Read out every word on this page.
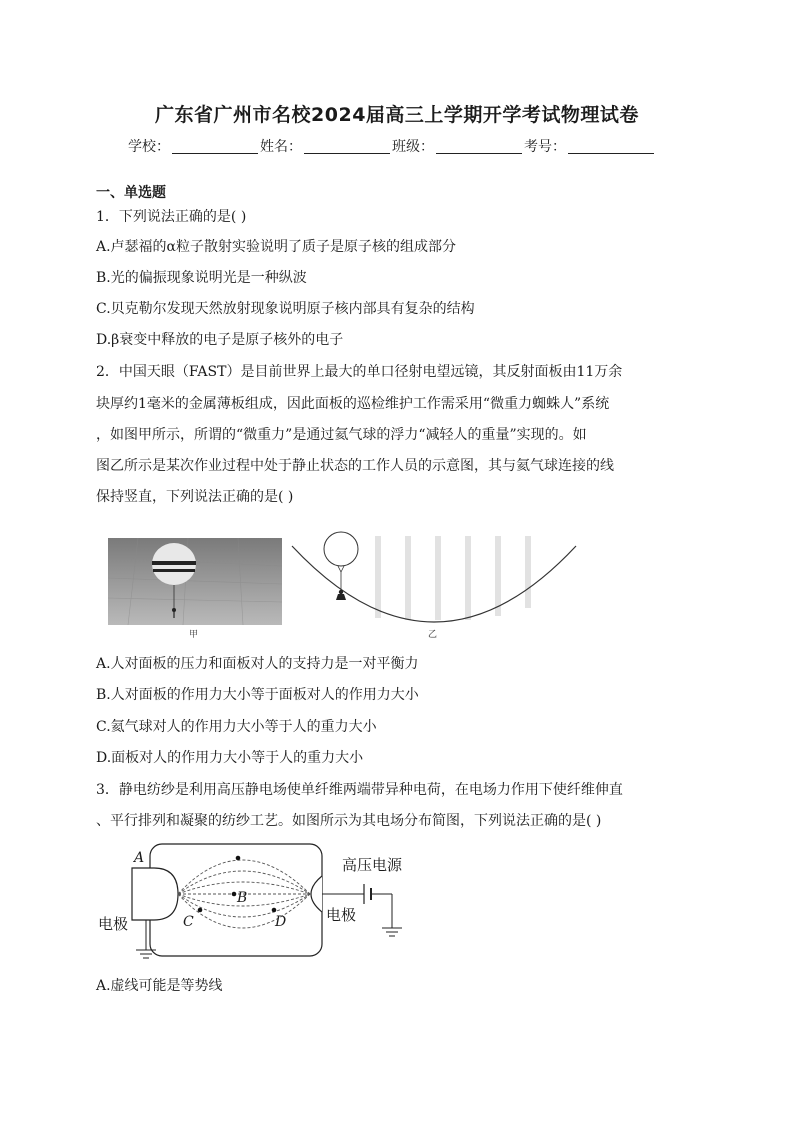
广东省广州市名校2024届高三上学期开学考试物理试卷
学校：	姓名：	班级：	考号：
一、单选题
1．下列说法正确的是( )
A.卢瑟福的α粒子散射实验说明了质子是原子核的组成部分
B.光的偏振现象说明光是一种纵波
C.贝克勒尔发现天然放射现象说明原子核内部具有复杂的结构
D.β衰变中释放的电子是原子核外的电子
2．中国天眼（FAST）是目前世界上最大的单口径射电望远镜，其反射面板由11万余
块厚约1毫米的金属薄板组成，因此面板的巡检维护工作需采用“微重力蜘蛛人”系统
，如图甲所示，所谓的“微重力”是通过氦气球的浮力“减轻人的重量”实现的。如
图乙所示是某次作业过程中处于静止状态的工作人员的示意图，其与氦气球连接的线
保持竖直，下列说法正确的是( )
甲	乙
A.人对面板的压力和面板对人的支持力是一对平衡力
B.人对面板的作用力大小等于面板对人的作用力大小
C.氦气球对人的作用力大小等于人的重力大小
D.面板对人的作用力大小等于人的重力大小
3．静电纺纱是利用高压静电场使单纤维两端带异种电荷，在电场力作用下使纤维伸直
、平行排列和凝聚的纺纱工艺。如图所示为其电场分布简图，下列说法正确的是( )
A
B
C	D
高压电源
电极	电极
A.虚线可能是等势线
